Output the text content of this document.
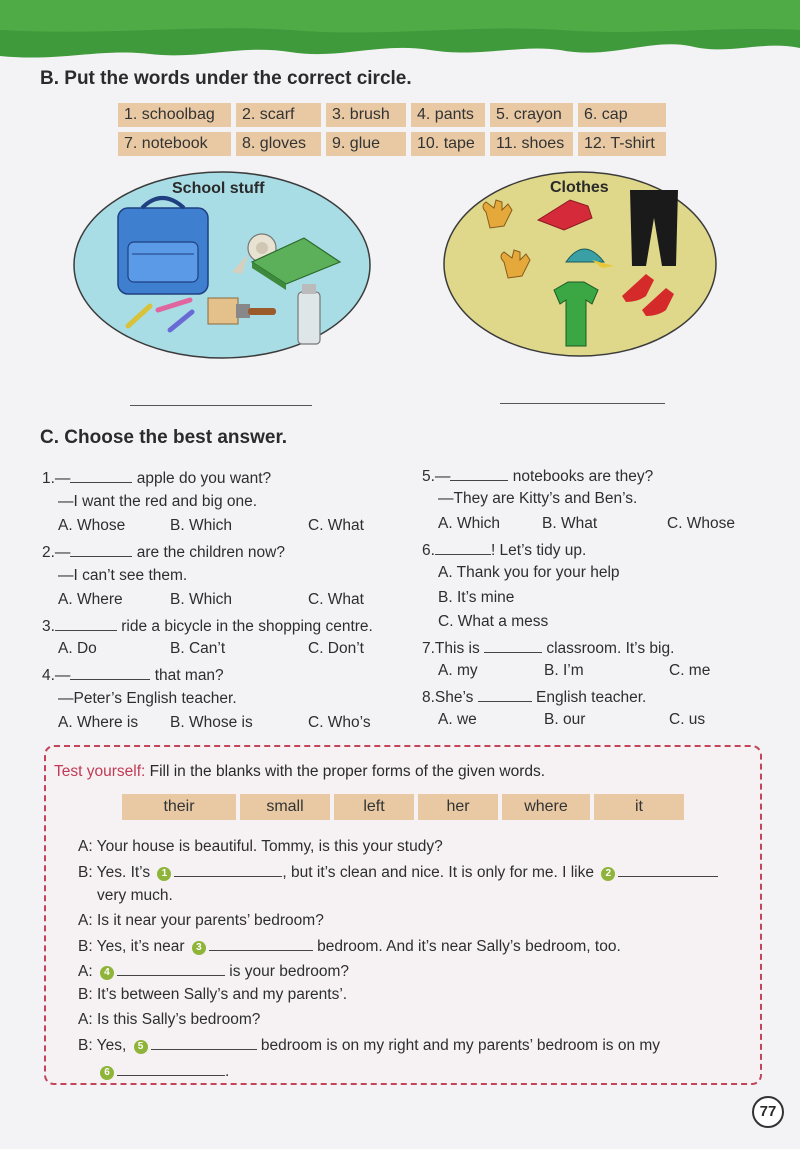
B. Put the words under the correct circle.
1. schoolbag	2. scarf	3. brush	4. pants	5. crayon	6. cap
7. notebook	8. gloves	9. glue	10. tape	11. shoes	12. T-shirt
School stuff	Clothes
C. Choose the best answer.
1.—	apple do you want?
—I want the red and big one.
A. Whose	B. Which	C. What
2.—	are the children now?
—I can’t see them.
A. Where	B. Which	C. What
3.	ride a bicycle in the shopping centre.
A. Do	B. Can’t	C. Don’t
4.—	that man?
—Peter’s English teacher.
A. Where is B. Whose is	C. Who’s
5.—	notebooks are they?
—They are Kitty’s and Ben’s.
A. Which	B. What	C. Whose
6.	! Let’s tidy up.
A. Thank you for your help
B. It’s mine
C. What a mess
7.This is	classroom. It’s big.
A. my	B. I’m	C. me
8.She’s	English teacher.
A. we	B. our	C. us
Test yourself: Fill in the blanks with the proper forms of the given words.
their	small	left	her	where	it
A: Your house is beautiful. Tommy, is this your study?
B: Yes. It’s 1	, but it’s clean and nice. It is only for me. I like 2
very much.
A: Is it near your parents’ bedroom?
B: Yes, it’s near 3	bedroom. And it’s near Sally’s bedroom, too.
A: 4	is your bedroom?
B: It’s between Sally’s and my parents’.
A: Is this Sally’s bedroom?
B: Yes, 5	bedroom is on my right and my parents’ bedroom is on my
6	.
77
